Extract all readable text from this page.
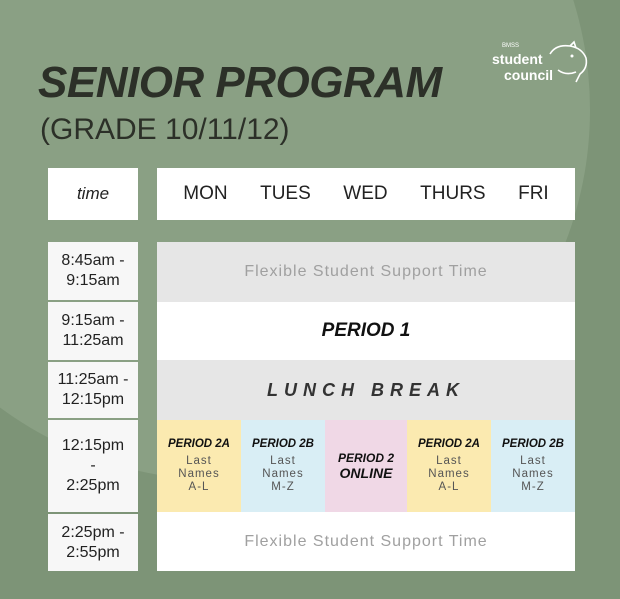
SENIOR PROGRAM
(GRADE 10/11/12)
BMSS
student
council
time	MON TUES WED THURS FRI
8:45am -
9:15am
9:15am -
11:25am
11:25am -
12:15pm
12:15pm
-
2:25pm
2:25pm -
2:55pm
Flexible Student Support Time
PERIOD 1
LUNCH BREAK
PERIOD 2A
Last
Names
A-L
PERIOD 2B
Last
Names
M-Z
PERIOD 2
ONLINE
PERIOD 2A
Last
Names
A-L
PERIOD 2B
Last
Names
M-Z
Flexible Student Support Time
